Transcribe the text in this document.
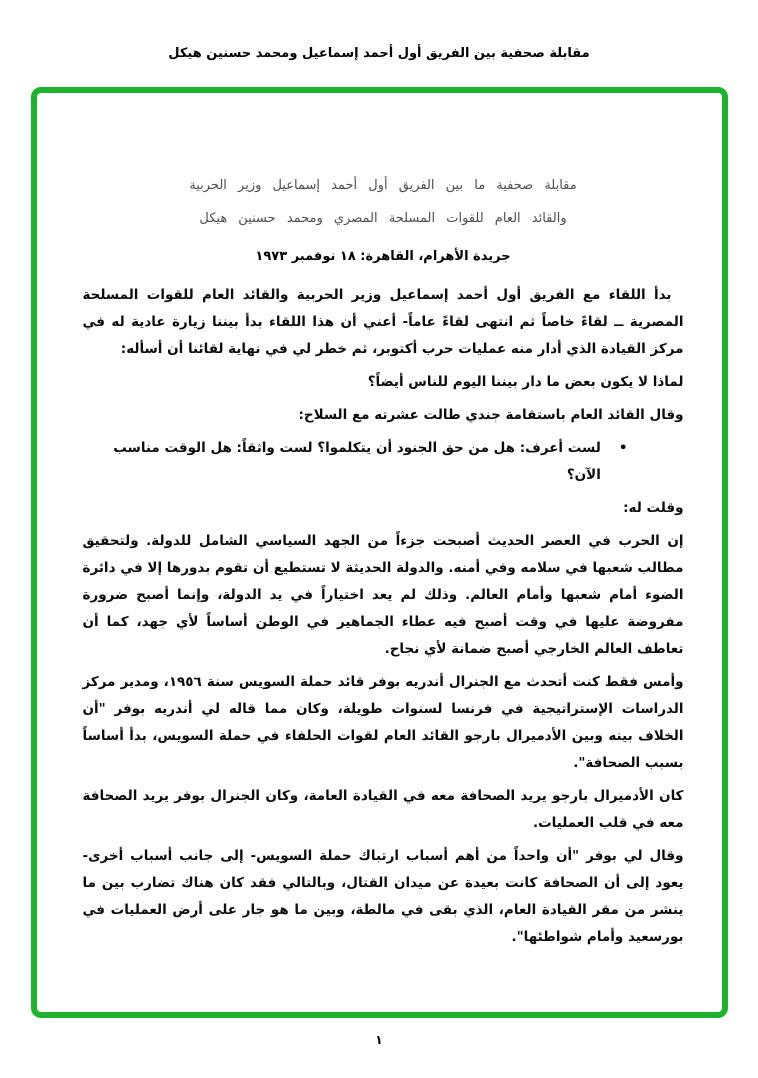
مقابلة صحفية بين الفريق أول أحمد إسماعيل ومحمد حسنين هيكل
مقابلة صحفية ما بين الفريق أول أحمد إسماعيل وزير الحربية
والقائد العام للقوات المسلحة المصري ومحمد حسنين هيكل
جريدة الأهرام، القاهرة: ١٨ نوفمبر ١٩٧٣

بدأ اللقاء مع الفريق أول أحمد إسماعيل وزير الحربية والقائد العام للقوات المسلحة المصرية ــ لقاءً خاصاً ثم انتهى لقاءً عاماً- أعني أن هذا اللقاء بدأ بيننا زيارة عادية له في مركز القيادة الذي أدار منه عمليات حرب أكتوبر، ثم خطر لي في نهاية لقائنا أن أسأله:

لماذا لا يكون بعض ما دار بيننا اليوم للناس أيضاً؟

وقال القائد العام باستقامة جندي طالت عشرته مع السلاح:

•
لست أعرف: هل من حق الجنود أن يتكلموا؟ لست واثقاً: هل الوقت مناسب الآن؟

وقلت له:

إن الحرب في العصر الحديث أصبحت جزءاً من الجهد السياسي الشامل للدولة. ولتحقيق مطالب شعبها في سلامه وفي أمنه. والدولة الحديثة لا تستطيع أن تقوم بدورها إلا في دائرة الضوء أمام شعبها وأمام العالم. وذلك لم يعد اختياراً في يد الدولة، وإنما أصبح ضرورة مفروضة عليها في وقت أصبح فيه عطاء الجماهير في الوطن أساساً لأي جهد، كما أن تعاطف العالم الخارجي أصبح ضمانة لأي نجاح.

وأمس فقط كنت أتحدث مع الجنرال أندريه بوفر قائد حملة السويس سنة ١٩٥٦، ومدير مركز الدراسات الإستراتيجية في فرنسا لسنوات طويلة، وكان مما قاله لي أندريه بوفر "أن الخلاف بينه وبين الأدميرال بارجو القائد العام لقوات الحلفاء في حملة السويس، بدأ أساساً بسبب الصحافة".

كان الأدميرال بارجو يريد الصحافة معه في القيادة العامة، وكان الجنرال بوفر يريد الصحافة معه في قلب العمليات.

وقال لي بوفر "أن واحداً من أهم أسباب ارتباك حملة السويس- إلى جانب أسباب أخرى- يعود إلى أن الصحافة كانت بعيدة عن ميدان القتال، وبالتالي فقد كان هناك تضارب بين ما ينشر من مقر القيادة العام، الذي بقى في مالطة، وبين ما هو جار على أرض العمليات في بورسعيد وأمام شواطئها".

١
